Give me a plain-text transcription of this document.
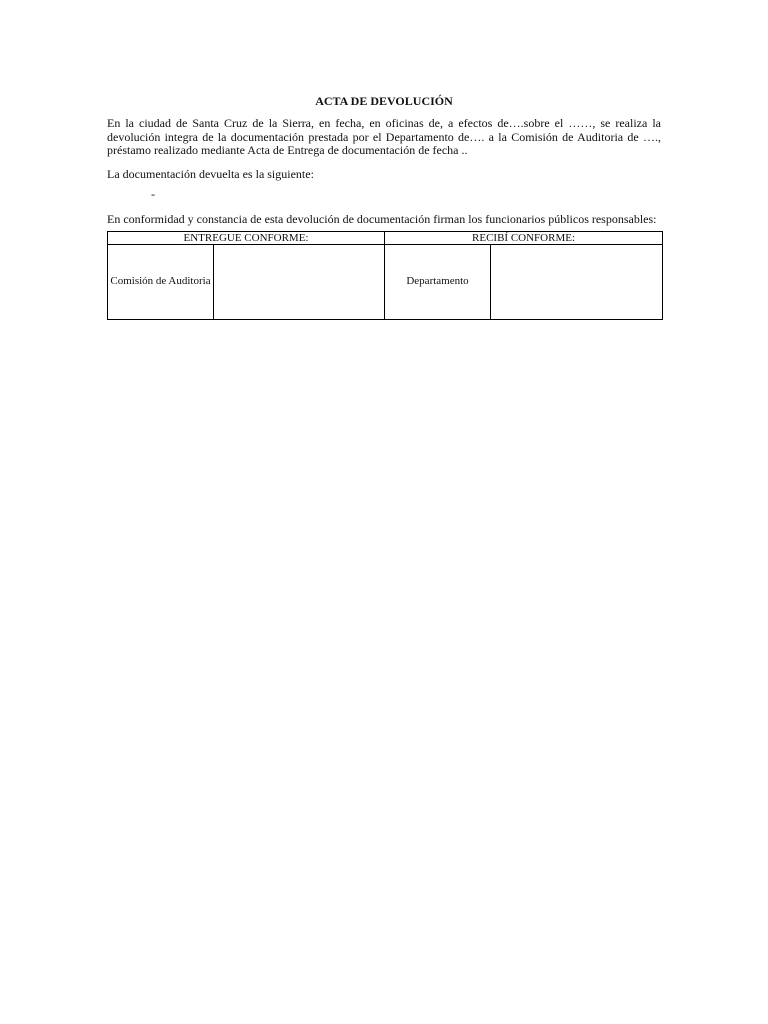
ACTA DE DEVOLUCIÓN

En la ciudad de Santa Cruz de la Sierra, en fecha, en oficinas de, a efectos de….sobre el ……, se realiza la devolución integra de la documentación prestada por el Departamento de…. a la Comisión de Auditoria de …., préstamo realizado mediante Acta de Entrega de documentación de fecha ..

La documentación devuelta es la siguiente:

-

En conformidad y constancia de esta devolución de documentación firman los funcionarios públicos responsables:

ENTREGUE CONFORME:		RECIBÍ CONFORME:	
Comisión de Auditoria		Departamento	
